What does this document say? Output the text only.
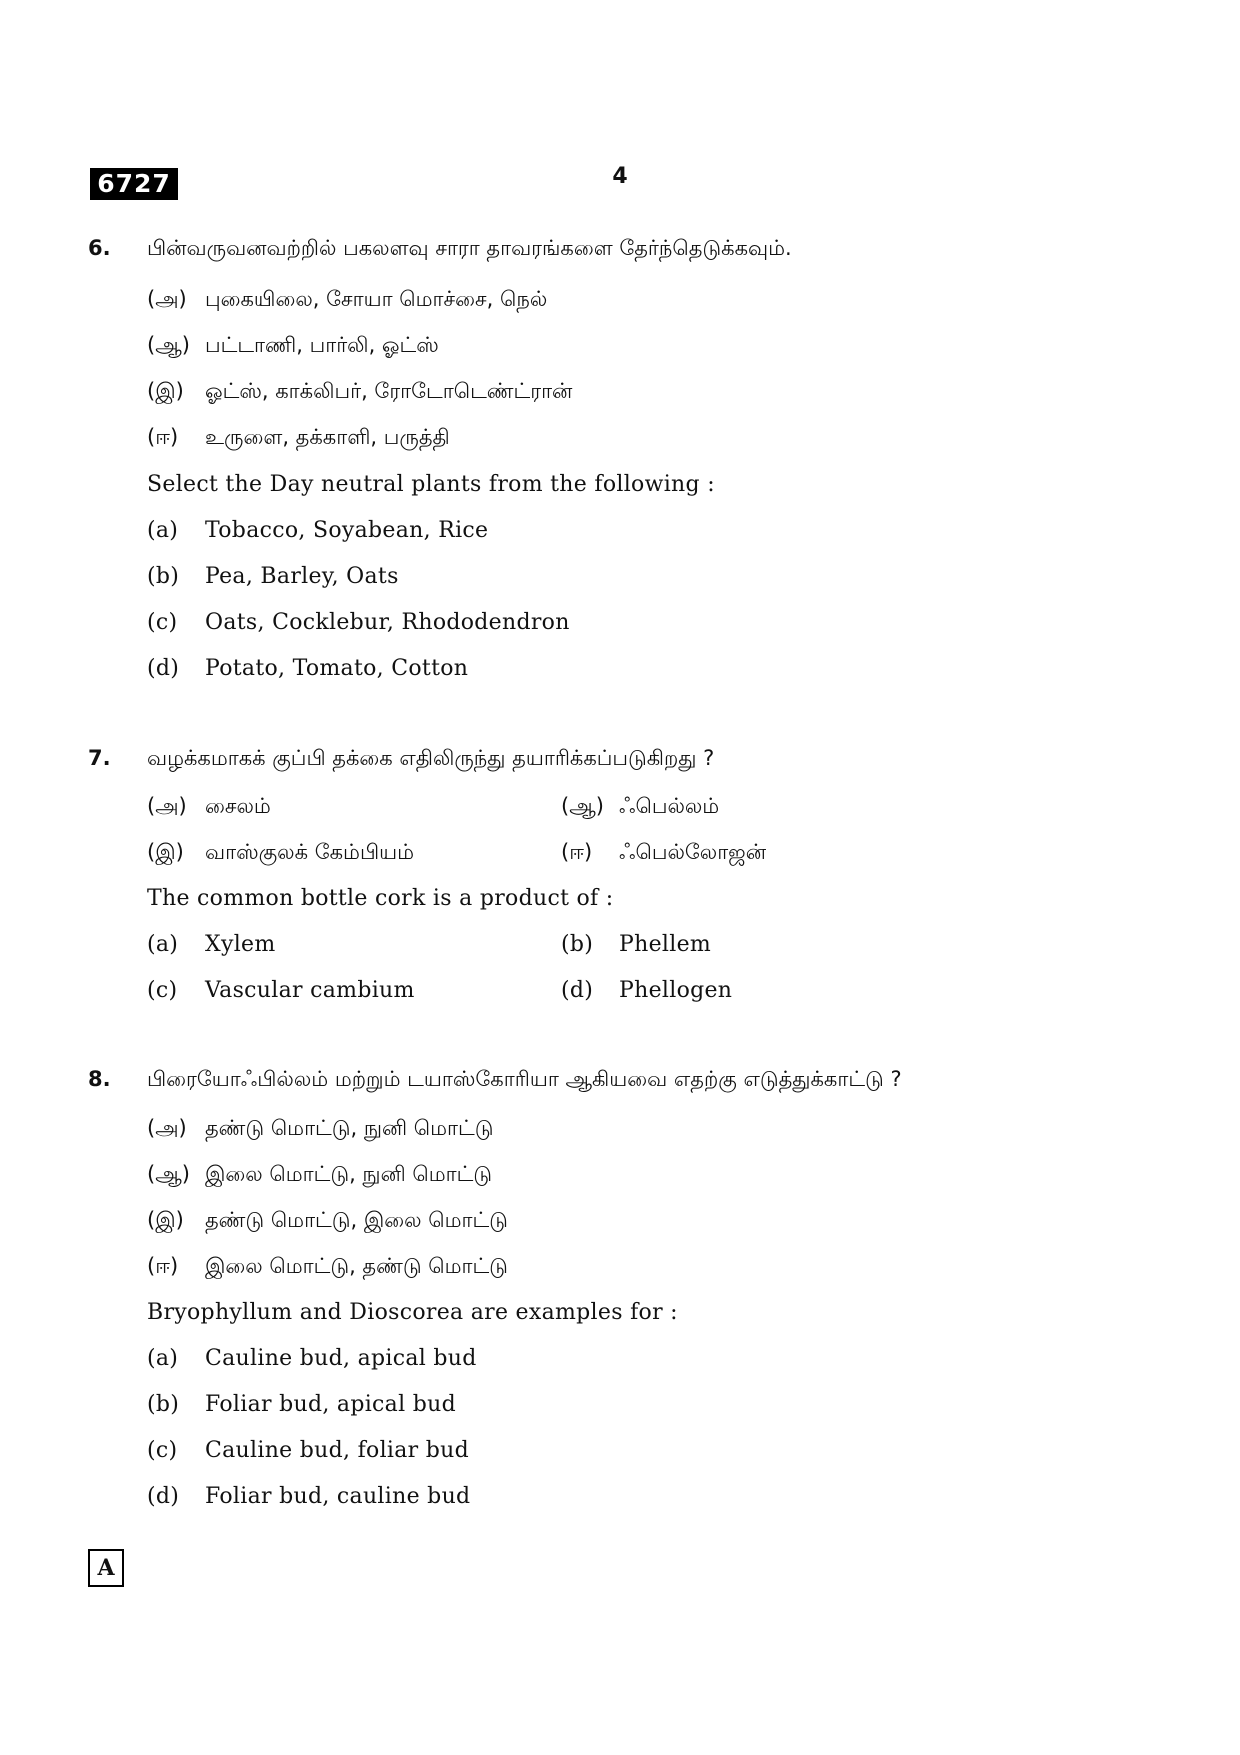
6727	4
6. பின்வருவனவற்றில் பகலளவு சாரா தாவரங்களை தேர்ந்தெடுக்கவும்.
(அ) புகையிலை, சோயா மொச்சை, நெல்
(ஆ) பட்டாணி, பார்லி, ஓட்ஸ்
(இ) ஓட்ஸ், காக்லிபர், ரோடோடெண்ட்ரான்
(ஈ) உருளை, தக்காளி, பருத்தி
Select the Day neutral plants from the following :
(a) Tobacco, Soyabean, Rice
(b) Pea, Barley, Oats
(c) Oats, Cocklebur, Rhododendron
(d) Potato, Tomato, Cotton
7. வழக்கமாகக் குப்பி தக்கை எதிலிருந்து தயாரிக்கப்படுகிறது ?
(அ) சைலம்	(ஆ) ஃபெல்லம்
(இ) வாஸ்குலக் கேம்பியம்	(ஈ) ஃபெல்லோஜன்
The common bottle cork is a product of :
(a) Xylem	(b) Phellem
(c) Vascular cambium	(d) Phellogen
8. பிரையோஃபில்லம் மற்றும் டயாஸ்கோரியா ஆகியவை எதற்கு எடுத்துக்காட்டு ?
(அ) தண்டு மொட்டு, நுனி மொட்டு
(ஆ) இலை மொட்டு, நுனி மொட்டு
(இ) தண்டு மொட்டு, இலை மொட்டு
(ஈ) இலை மொட்டு, தண்டு மொட்டு
Bryophyllum and Dioscorea are examples for :
(a) Cauline bud, apical bud
(b) Foliar bud, apical bud
(c) Cauline bud, foliar bud
(d) Foliar bud, cauline bud
A
